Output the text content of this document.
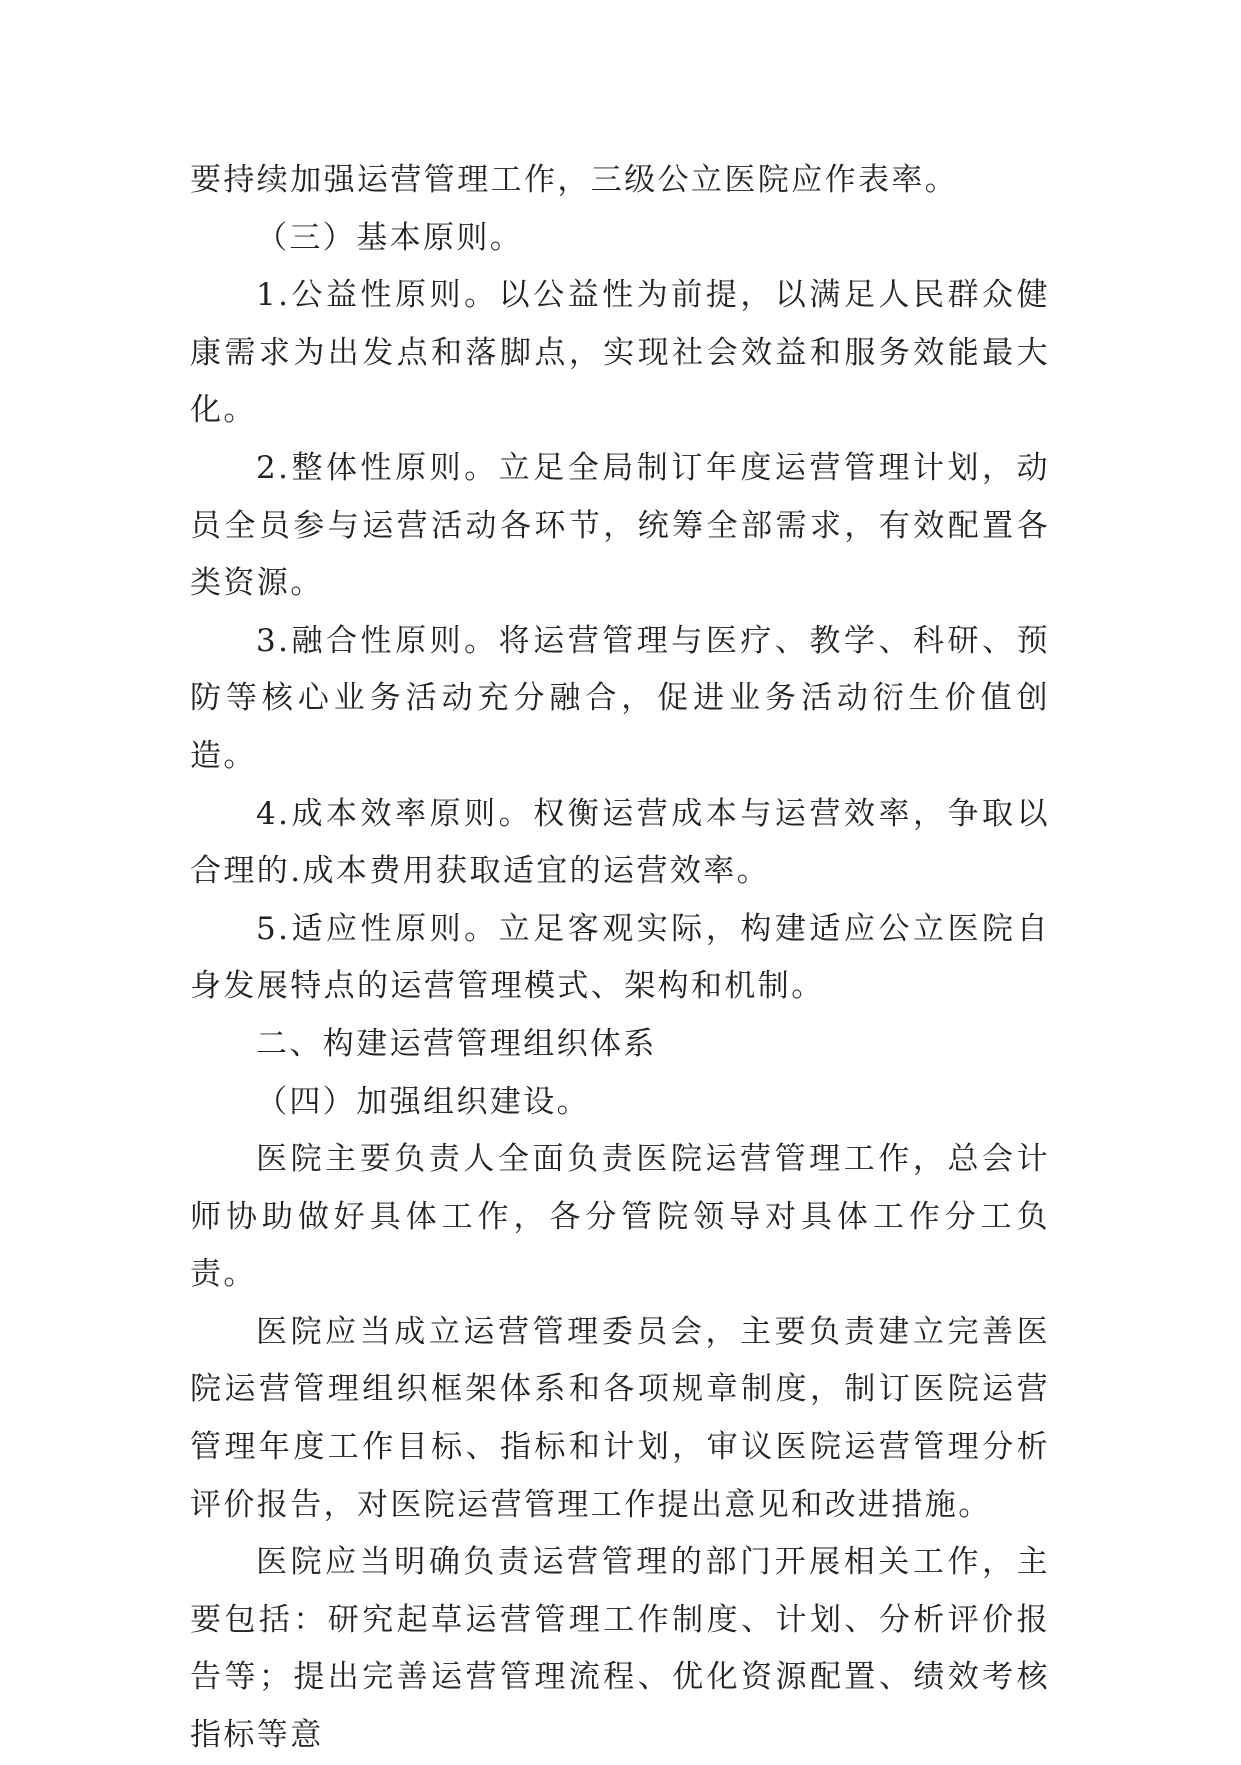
要持续加强运营管理工作，三级公立医院应作表率。

（三）基本原则。

1.公益性原则。以公益性为前提，以满足人民群众健康需求为出发点和落脚点，实现社会效益和服务效能最大化。

2.整体性原则。立足全局制订年度运营管理计划，动员全员参与运营活动各环节，统筹全部需求，有效配置各类资源。

3.融合性原则。将运营管理与医疗、教学、科研、预防等核心业务活动充分融合，促进业务活动衍生价值创造。

4.成本效率原则。权衡运营成本与运营效率，争取以合理的.成本费用获取适宜的运营效率。

5.适应性原则。立足客观实际，构建适应公立医院自身发展特点的运营管理模式、架构和机制。

二、构建运营管理组织体系

（四）加强组织建设。

医院主要负责人全面负责医院运营管理工作，总会计师协助做好具体工作，各分管院领导对具体工作分工负责。

医院应当成立运营管理委员会，主要负责建立完善医院运营管理组织框架体系和各项规章制度，制订医院运营管理年度工作目标、指标和计划，审议医院运营管理分析评价报告，对医院运营管理工作提出意见和改进措施。

医院应当明确负责运营管理的部门开展相关工作，主要包括：研究起草运营管理工作制度、计划、分析评价报告等；提出完善运营管理流程、优化资源配置、绩效考核指标等意
